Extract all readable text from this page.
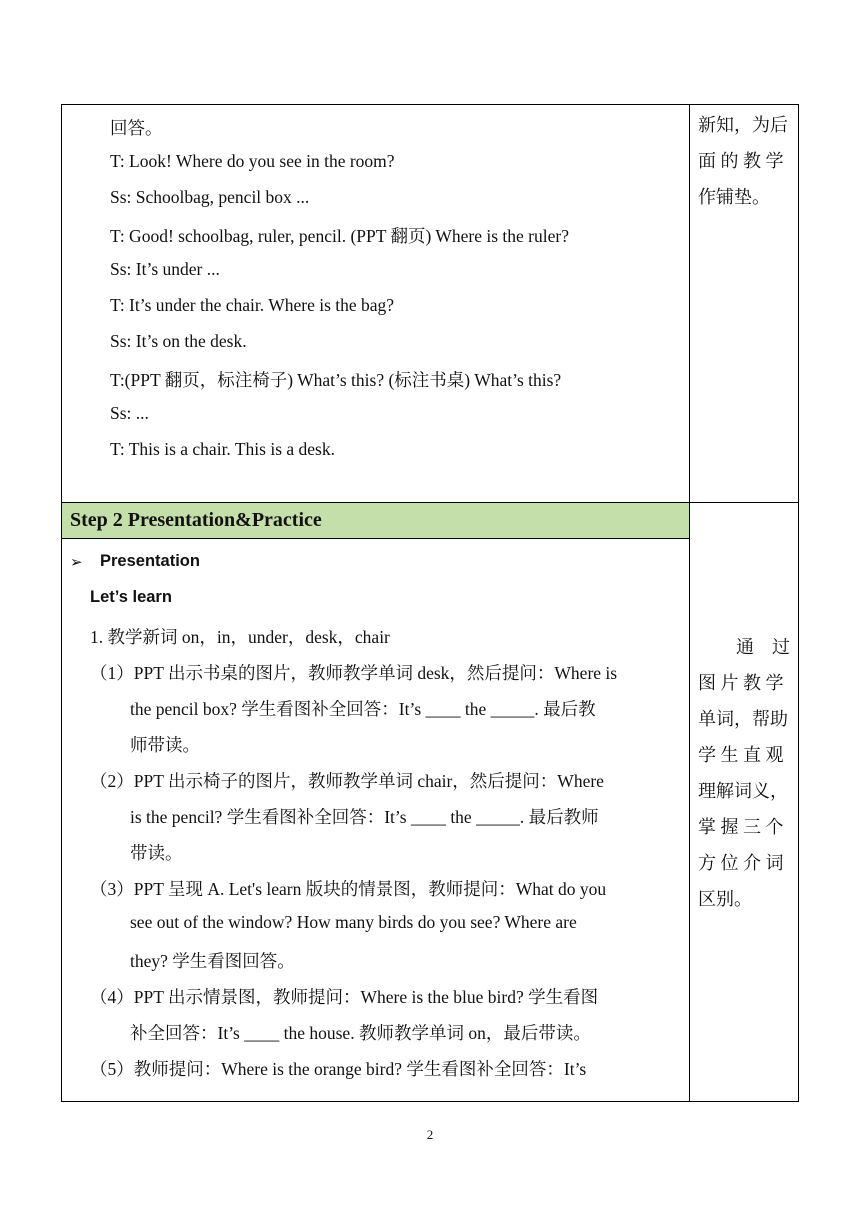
回答。
T: Look! Where do you see in the room?
Ss: Schoolbag, pencil box ...
T: Good! schoolbag, ruler, pencil. (PPT 翻页) Where is the ruler?
Ss: It’s under ...
T: It’s under the chair. Where is the bag?
Ss: It’s on the desk.
T:(PPT 翻页，标注椅子) What’s this? (标注书桌) What’s this?
Ss: ...
T: This is a chair. This is a desk.
新知，为后
面 的 教 学
作铺垫。
Step 2 Presentation&Practice
➢ Presentation
Let’s learn
1. 教学新词 on，in，under，desk，chair
（1）PPT 出示书桌的图片，教师教学单词 desk，然后提问：Where is
the pencil box? 学生看图补全回答：It’s ____ the _____. 最后教
师带读。
（2）PPT 出示椅子的图片，教师教学单词 chair，然后提问：Where
is the pencil? 学生看图补全回答：It’s ____ the _____. 最后教师
带读。
（3）PPT 呈现 A. Let's learn 版块的情景图，教师提问：What do you
see out of the window? How many birds do you see? Where are
they? 学生看图回答。
（4）PPT 出示情景图，教师提问：Where is the blue bird? 学生看图
补全回答：It’s ____ the house. 教师教学单词 on，最后带读。
（5）教师提问：Where is the orange bird? 学生看图补全回答：It’s
通　过
图 片 教 学
单词，帮助
学 生 直 观
理解词义，
掌 握 三 个
方 位 介 词
区别。
2
